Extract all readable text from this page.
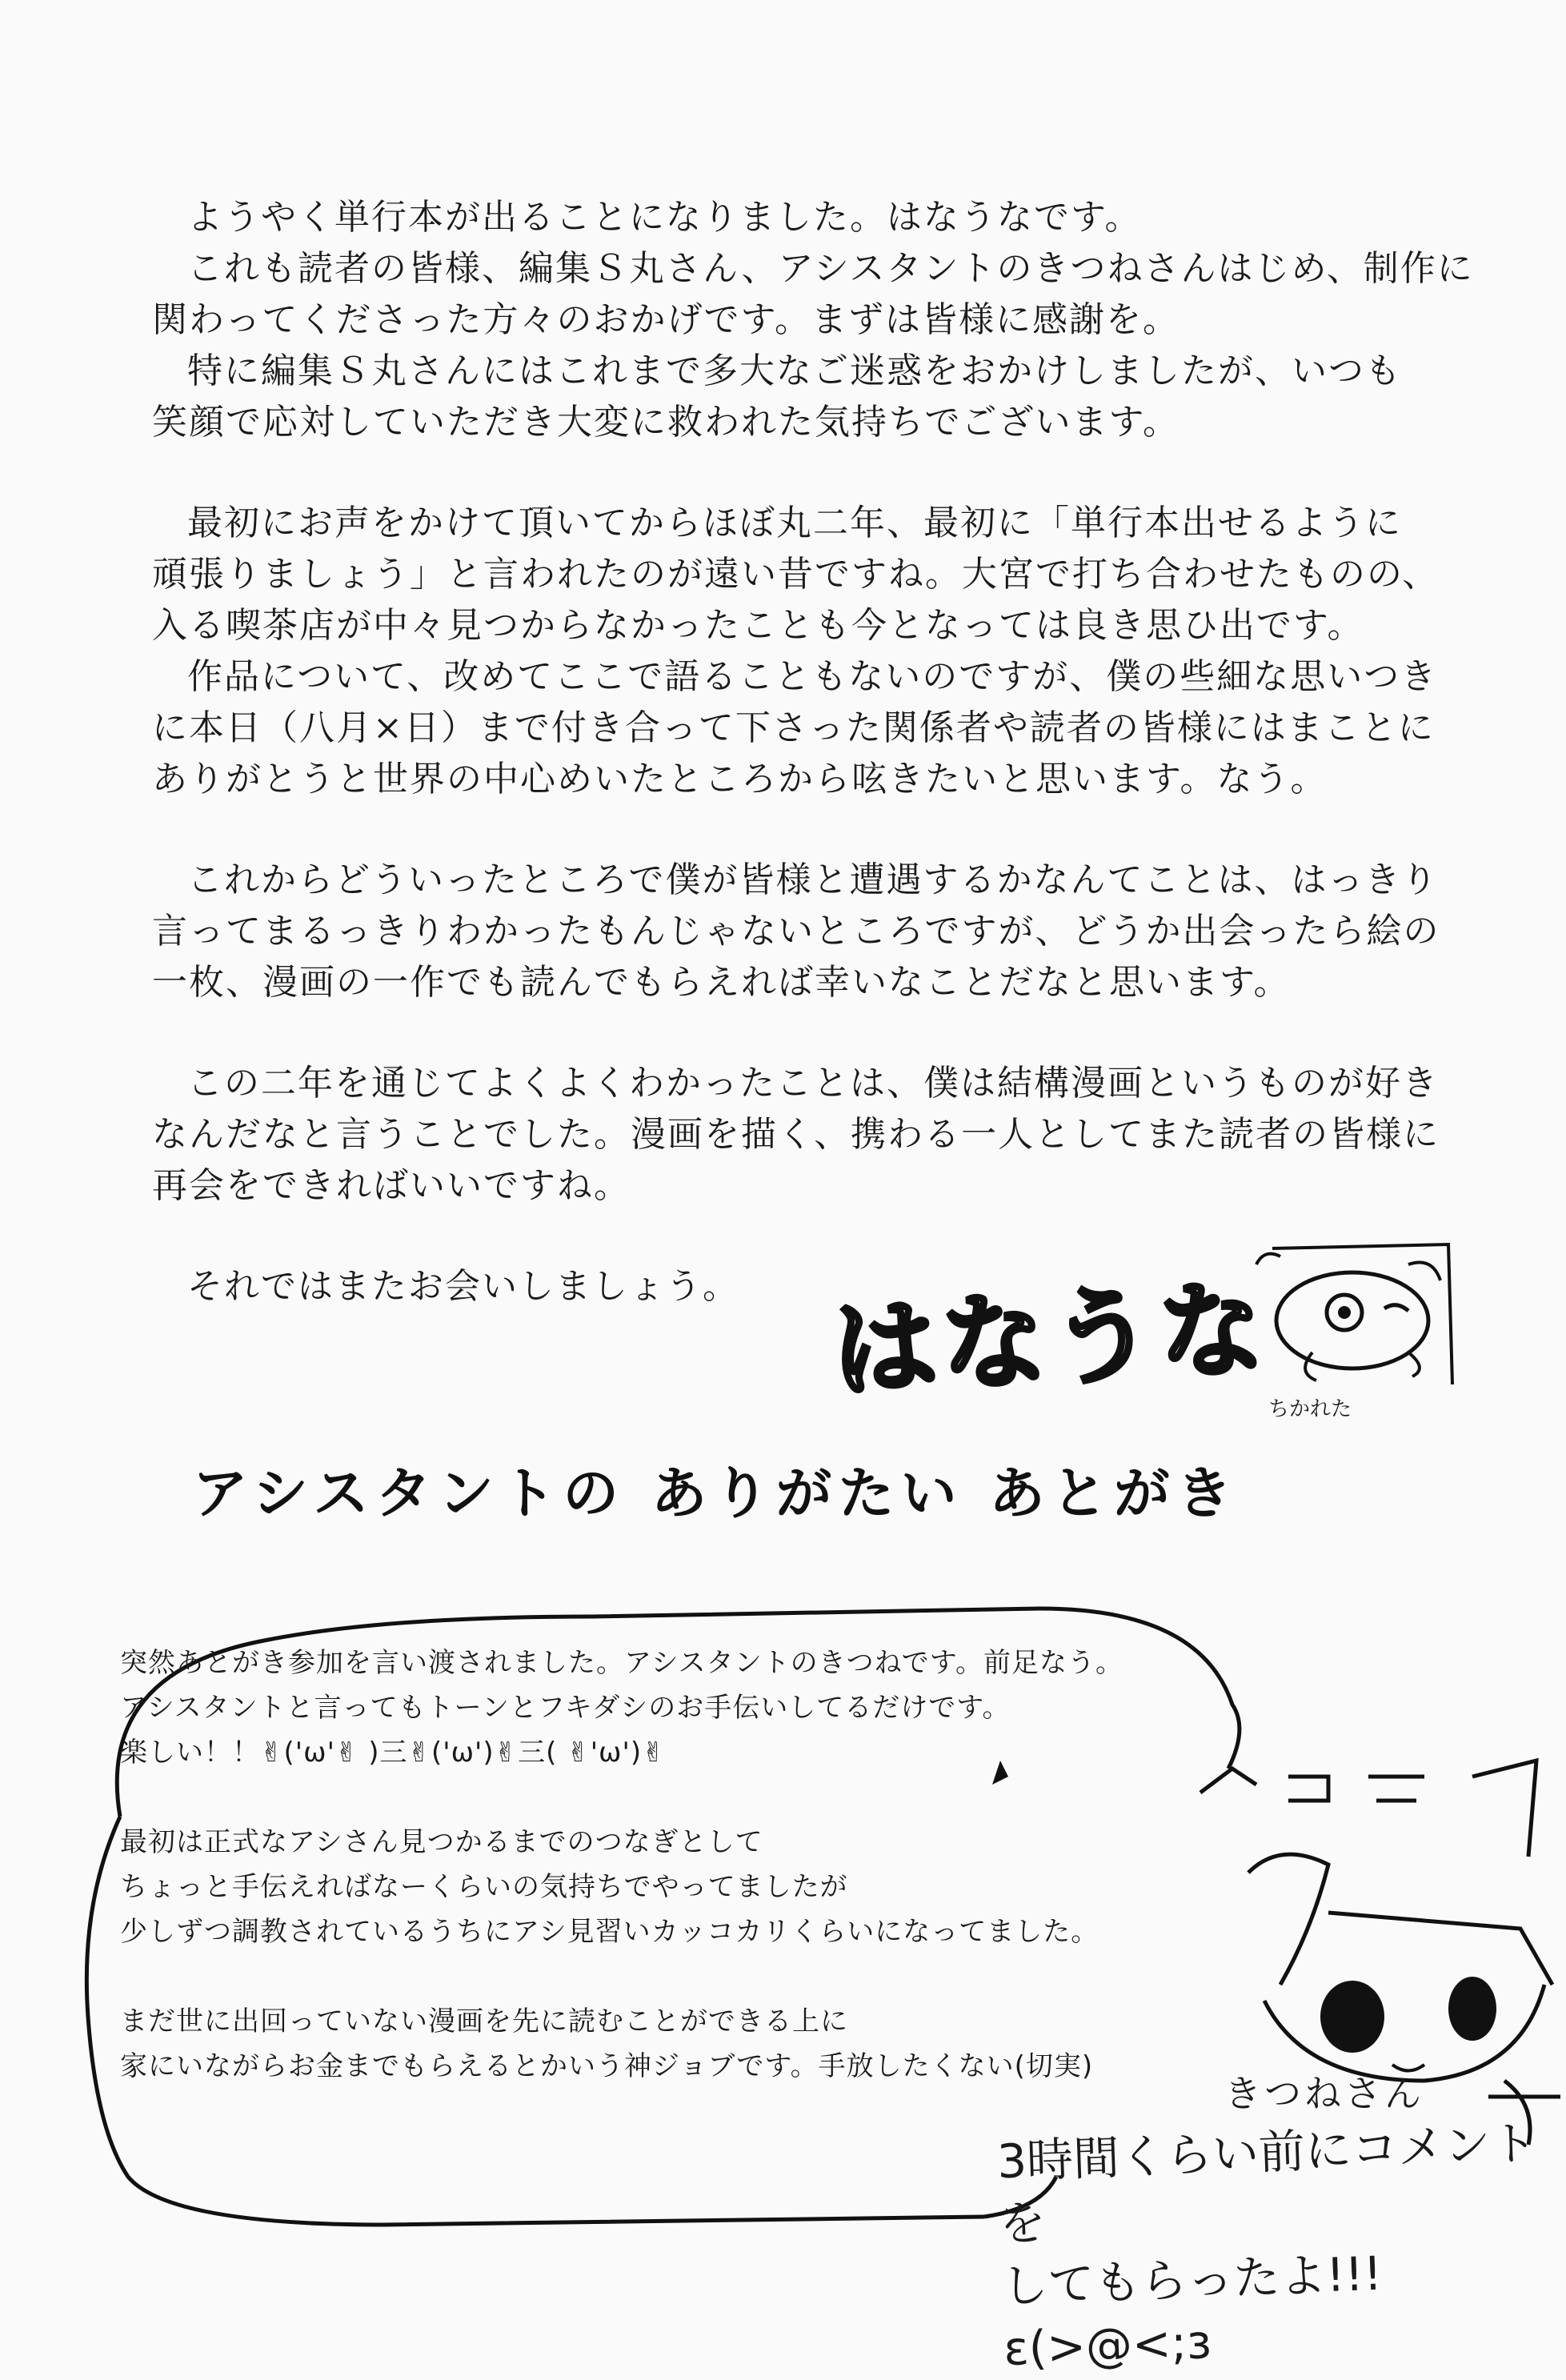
ようやく単行本が出ることになりました。はなうなです。

これも読者の皆様、編集Ｓ丸さん、アシスタントのきつねさんはじめ、制作に

関わってくださった方々のおかげです。まずは皆様に感謝を。

特に編集Ｓ丸さんにはこれまで多大なご迷惑をおかけしましたが、いつも

笑顔で応対していただき大変に救われた気持ちでございます。

最初にお声をかけて頂いてからほぼ丸二年、最初に「単行本出せるように

頑張りましょう」と言われたのが遠い昔ですね。大宮で打ち合わせたものの、

入る喫茶店が中々見つからなかったことも今となっては良き思ひ出です。

作品について、改めてここで語ることもないのですが、僕の些細な思いつき

に本日（八月×日）まで付き合って下さった関係者や読者の皆様にはまことに

ありがとうと世界の中心めいたところから呟きたいと思います。なう。

これからどういったところで僕が皆様と遭遇するかなんてことは、はっきり

言ってまるっきりわかったもんじゃないところですが、どうか出会ったら絵の

一枚、漫画の一作でも読んでもらえれば幸いなことだなと思います。

この二年を通じてよくよくわかったことは、僕は結構漫画というものが好き

なんだなと言うことでした。漫画を描く、携わる一人としてまた読者の皆様に

再会をできればいいですね。

それではまたお会いしましょう。 はなうな
ちかれた
アシスタントの ありがたい あとがき

突然あとがき参加を言い渡されました。アシスタントのきつねです。前足なう。

アシスタントと言ってもトーンとフキダシのお手伝いしてるだけです。

楽しい！！✌('ω'✌ )三✌('ω')✌三( ✌'ω')✌

最初は正式なアシさん見つかるまでのつなぎとして

ちょっと手伝えればなーくらいの気持ちでやってましたが

少しずつ調教されているうちにアシ見習いカッコカリくらいになってました。

まだ世に出回っていない漫画を先に読むことができる上に

家にいながらお金までもらえるとかいう神ジョブです。手放したくない(切実)

きつねさん
3時間くらい前にコメントを
してもらったよ!!! ε(>@<;з
